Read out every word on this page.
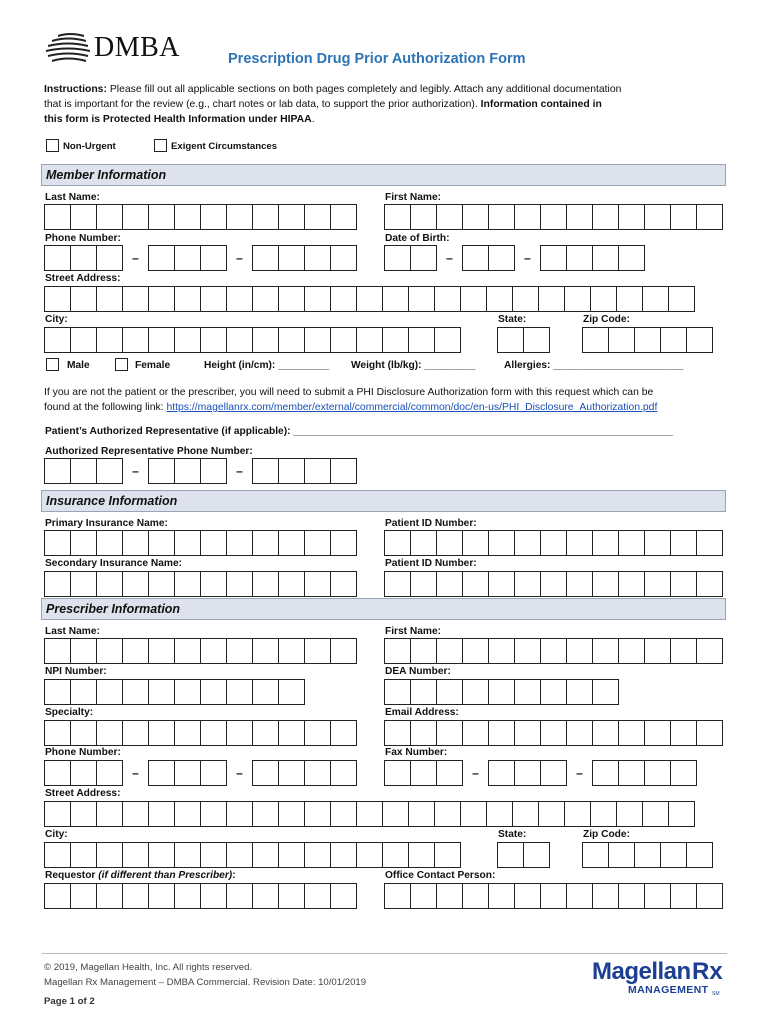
DMBA	Prescription Drug Prior Authorization Form
Instructions: Please fill out all applicable sections on both pages completely and legibly. Attach any additional documentation
that is important for the review (e.g., chart notes or lab data, to support the prior authorization). Information contained in
this form is Protected Health Information under HIPAA.
Non-Urgent	Exigent Circumstances
Member Information
Last Name:	First Name:
Phone Number:
–	–
Date of Birth:
–	–
Street Address:
City:	State:	Zip Code:
Male	Female	Height (in/cm): _________ Weight (lb/kg): _________	Allergies: _______________________
If you are not the patient or the prescriber, you will need to submit a PHI Disclosure Authorization form with this request which can be
found at the following link: https://magellanrx.com/member/external/commercial/common/doc/en-us/PHI_Disclosure_Authorization.pdf
Patient’s Authorized Representative (if applicable): ___________________________________________________________________
Authorized Representative Phone Number:
–	–
Insurance Information
Primary Insurance Name:	Patient ID Number:
Secondary Insurance Name:	Patient ID Number:
Prescriber Information
Last Name:	First Name:
NPI Number:	DEA Number:
Specialty:	Email Address:
Phone Number:
–	–
Fax Number:
–	–
Street Address:
City:	State:	Zip Code:
Requestor (if different than Prescriber):	Office Contact Person:
© 2019, Magellan Health, Inc. All rights reserved.
Magellan Rx Management – DMBA Commercial. Revision Date: 10/01/2019
Page 1 of 2
Magellan Rx
MANAGEMENT SM
